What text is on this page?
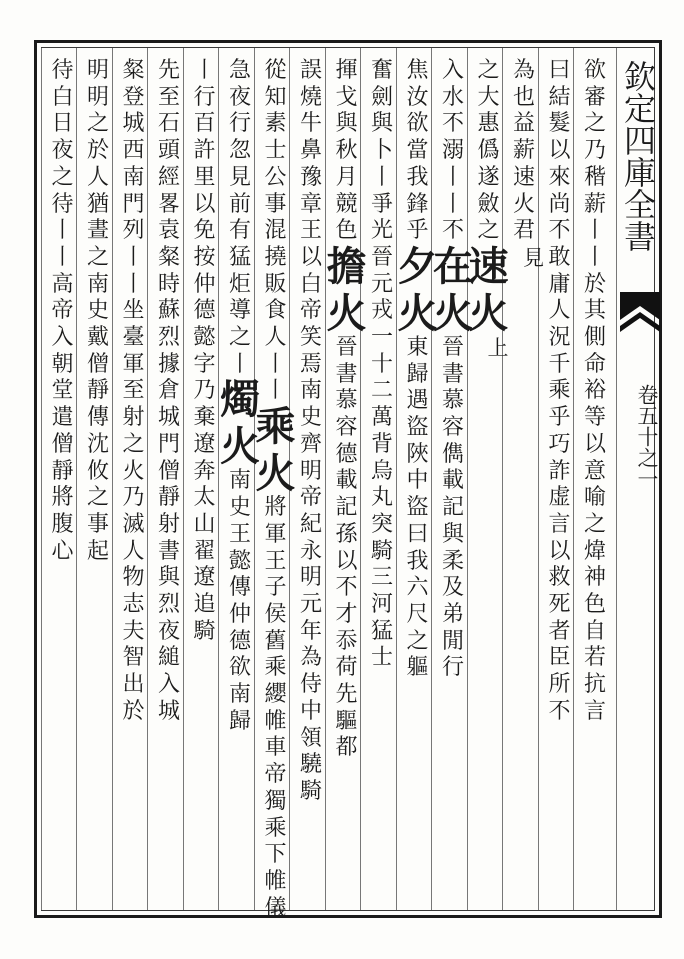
欽定四庫全書
卷五十之一
欲
審
之
乃
稭
薪
丨
丨
於
其
側
命
裕
等
以
意
喻
之
煒
神
色
自
若
抗
言
曰
結
髮
以
來
尚
不
敢
庸
人
況
千
乘
乎
巧
詐
虚
言
以
救
死
者
臣
所
不
為
也
益
薪
速
火
君
見
之
大
惠
僞
遂
斂
之
速
火
上
入
水
不
溺
丨
丨
不
在
火
晉
書
慕
容
儁
載
記
與
柔
及
弟
閒
行
焦
汝
欲
當
我
鋒
乎
夕
火
東
歸
遇
盜
陜
中
盜
曰
我
六
尺
之
軀
奮
劍
與
卜
丨
爭
光
晉
元
戎
一
十
二
萬
背
烏
丸
突
騎
三
河
猛
士
揮
戈
與
秋
月
競
色
擔
火
晉
書
慕
容
德
載
記
孫
以
不
才
忝
荷
先
驅
都
誤
燒
牛
鼻
豫
章
王
以
白
帝
笑
焉
南
史
齊
明
帝
紀
永
明
元
年
為
侍
中
領
驍
騎
從
知
素
士
公
事
混
撓
販
食
人
丨
丨
乘
火
將
軍
王
子
侯
舊
乘
纓
帷
車
帝
獨
乘
下
帷
儀
急
夜
行
忽
見
前
有
猛
炬
導
之
丨
燭
火
南
史
王
懿
傳
仲
德
欲
南
歸
丨
行
百
許
里
以
免
按
仲
德
懿
字
乃
棄
遼
奔
太
山
翟
遼
追
騎
先
至
石
頭
經
畧
袁
粲
時
蘇
烈
據
倉
城
門
僧
靜
射
書
與
烈
夜
縋
入
城
粲
登
城
西
南
門
列
丨
丨
坐
臺
軍
至
射
之
火
乃
滅
人
物
志
夫
智
出
於
明
明
之
於
人
猶
晝
之
南
史
戴
僧
靜
傳
沈
攸
之
事
起
待
白
日
夜
之
待
丨
丨
高
帝
入
朝
堂
遣
僧
靜
將
腹
心
